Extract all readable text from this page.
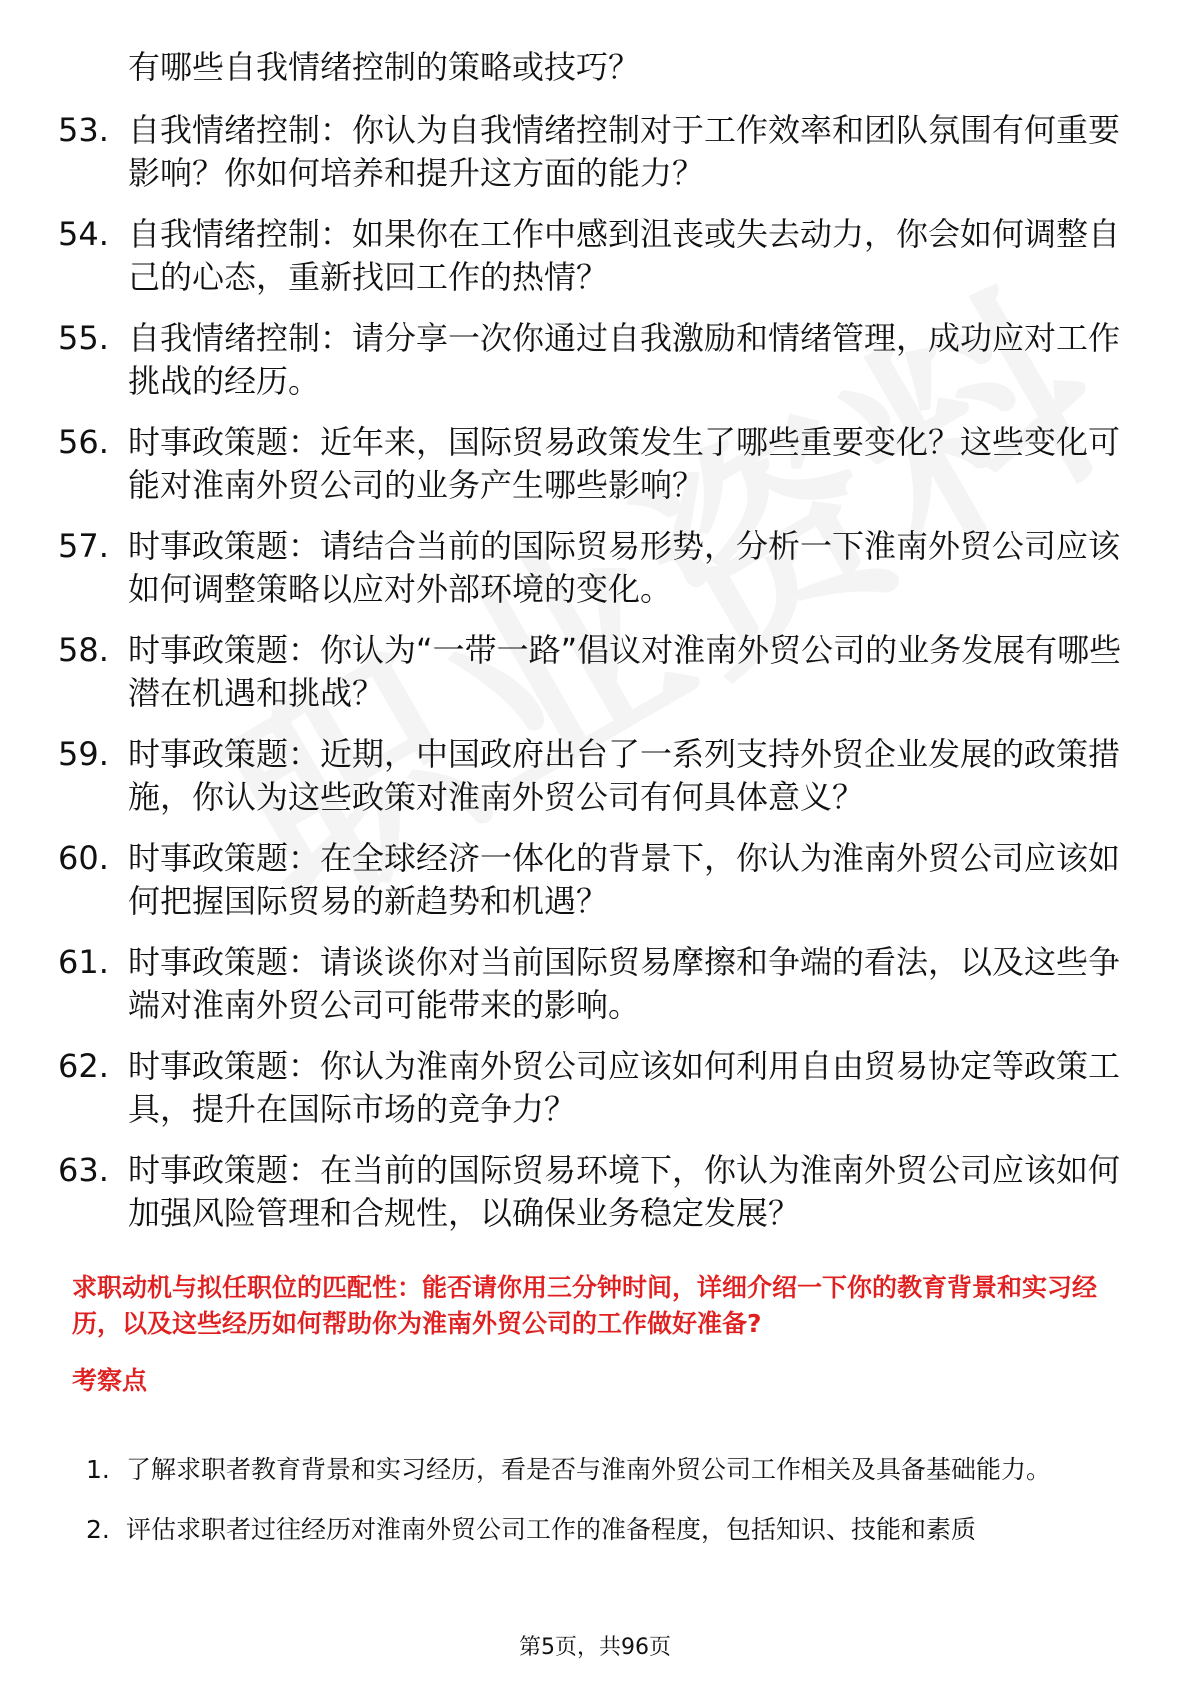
有哪些自我情绪控制的策略或技巧？
53. 自我情绪控制：你认为自我情绪控制对于工作效率和团队氛围有何重要影响？你如何培养和提升这方面的能力？
54. 自我情绪控制：如果你在工作中感到沮丧或失去动力，你会如何调整自己的心态，重新找回工作的热情？
55. 自我情绪控制：请分享一次你通过自我激励和情绪管理，成功应对工作挑战的经历。
56. 时事政策题：近年来，国际贸易政策发生了哪些重要变化？这些变化可能对淮南外贸公司的业务产生哪些影响？
57. 时事政策题：请结合当前的国际贸易形势，分析一下淮南外贸公司应该如何调整策略以应对外部环境的变化。
58. 时事政策题：你认为“一带一路”倡议对淮南外贸公司的业务发展有哪些潜在机遇和挑战？
59. 时事政策题：近期，中国政府出台了一系列支持外贸企业发展的政策措施，你认为这些政策对淮南外贸公司有何具体意义？
60. 时事政策题：在全球经济一体化的背景下，你认为淮南外贸公司应该如何把握国际贸易的新趋势和机遇？
61. 时事政策题：请谈谈你对当前国际贸易摩擦和争端的看法，以及这些争端对淮南外贸公司可能带来的影响。
62. 时事政策题：你认为淮南外贸公司应该如何利用自由贸易协定等政策工具，提升在国际市场的竞争力？
63. 时事政策题：在当前的国际贸易环境下，你认为淮南外贸公司应该如何加强风险管理和合规性，以确保业务稳定发展？
求职动机与拟任职位的匹配性：能否请你用三分钟时间，详细介绍一下你的教育背景和实习经历，以及这些经历如何帮助你为淮南外贸公司的工作做好准备?
考察点
1. 了解求职者教育背景和实习经历，看是否与淮南外贸公司工作相关及具备基础能力。
2. 评估求职者过往经历对淮南外贸公司工作的准备程度，包括知识、技能和素质
第5页，共96页
